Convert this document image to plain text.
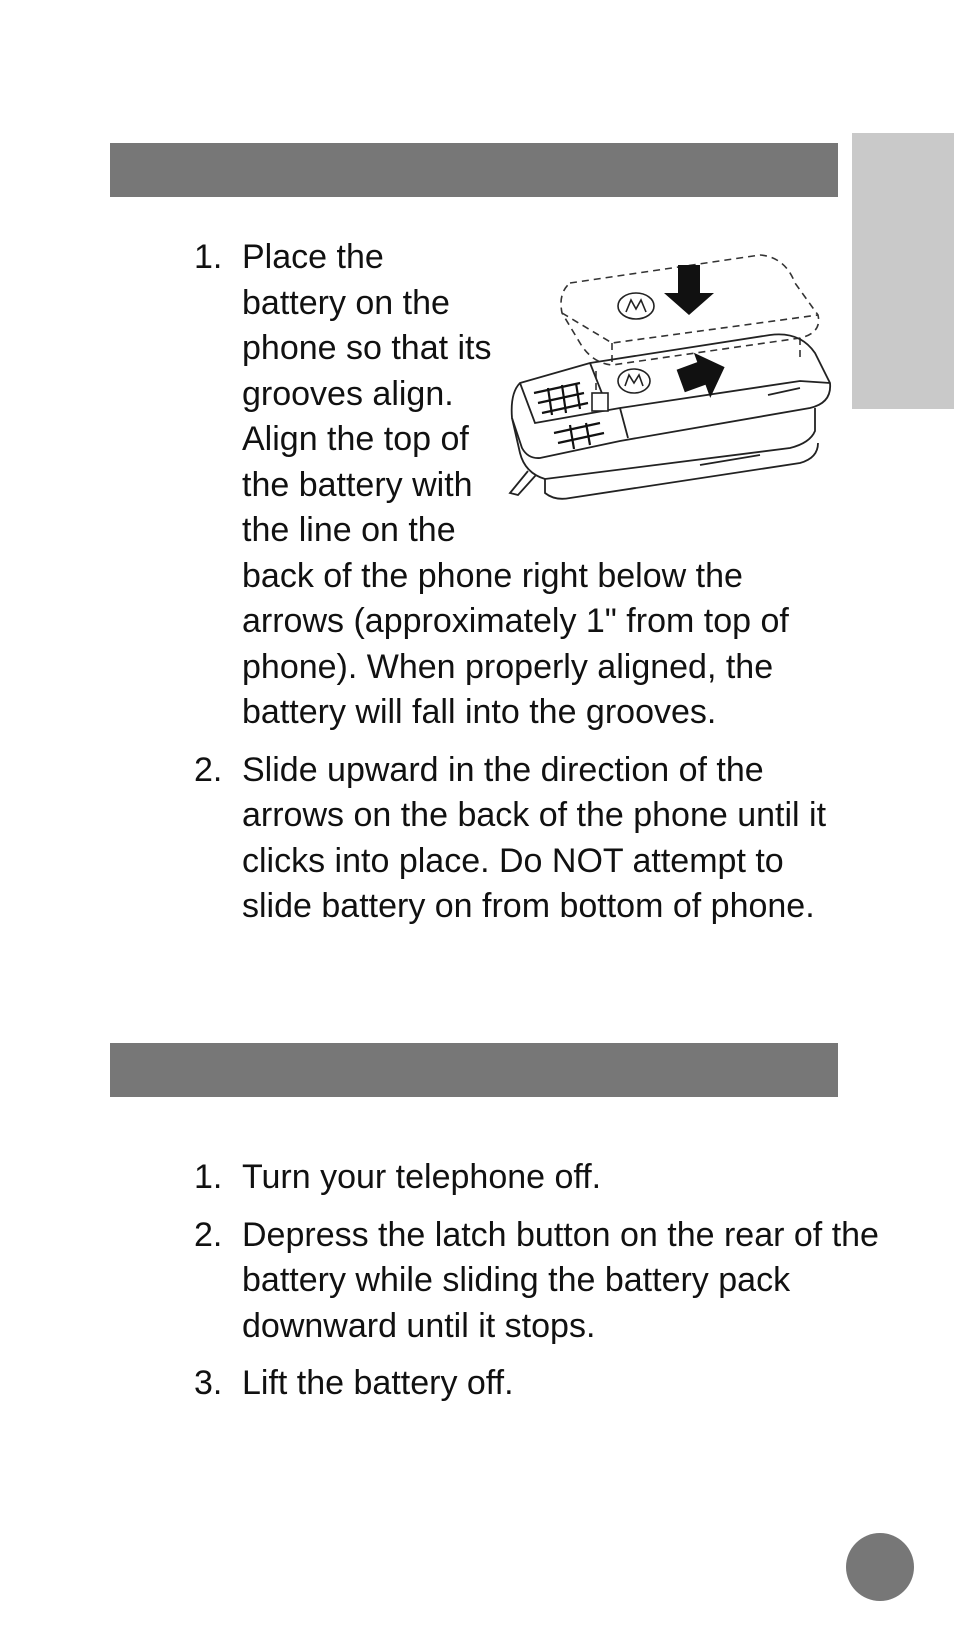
1. Place the battery on the phone so that its grooves align. Align the top of the battery with the line on the back of the phone right below the arrows (approximately 1" from top of phone). When properly aligned, the battery will fall into the grooves.
2. Slide upward in the direction of the arrows on the back of the phone until it clicks into place. Do NOT attempt to slide battery on from bottom of phone.
1. Turn your telephone off.
2. Depress the latch button on the rear of the battery while sliding the battery pack downward until it stops.
3. Lift the battery off.
